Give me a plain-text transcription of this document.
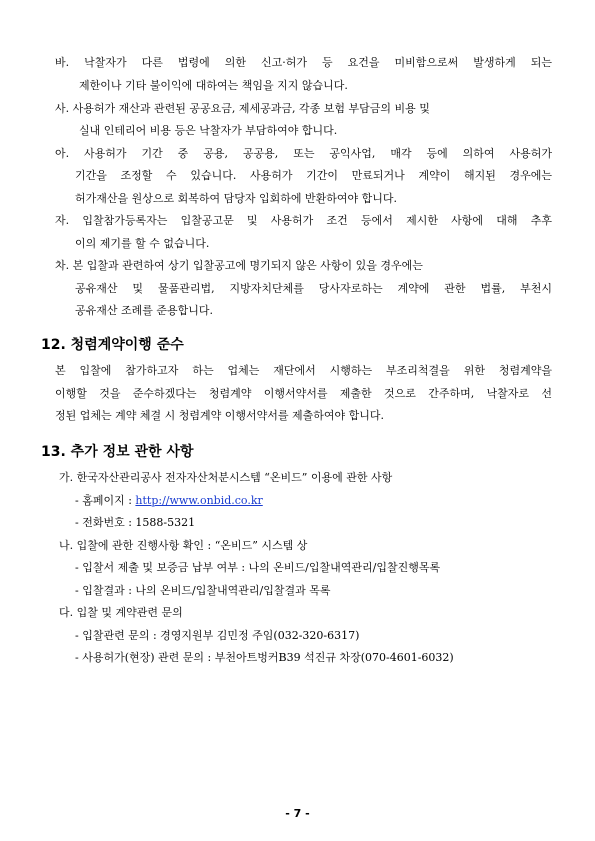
바. 낙찰자가 다른 법령에 의한 신고·허가 등 요건을 미비함으로써 발생하게 되는
제한이나 기타 불이익에 대하여는 책임을 지지 않습니다.
사. 사용허가 재산과 관련된 공공요금, 제세공과금, 각종 보험 부담금의 비용 및
실내 인테리어 비용 등은 낙찰자가 부담하여야 합니다.
아. 사용허가 기간 중 공용, 공공용, 또는 공익사업, 매각 등에 의하여 사용허가
기간을 조정할 수 있습니다. 사용허가 기간이 만료되거나 계약이 해지된 경우에는
허가재산을 원상으로 회복하여 담당자 입회하에 반환하여야 합니다.
자. 입찰참가등록자는 입찰공고문 및 사용허가 조건 등에서 제시한 사항에 대해 추후
이의 제기를 할 수 없습니다.
차. 본 입찰과 관련하여 상기 입찰공고에 명기되지 않은 사항이 있을 경우에는
공유재산 및 물품관리법, 지방자치단체를 당사자로하는 계약에 관한 법률, 부천시
공유재산 조례를 준용합니다.
12. 청렴계약이행 준수
본 입찰에 참가하고자 하는 업체는 재단에서 시행하는 부조리척결을 위한 청렴계약을
이행할 것을 준수하겠다는 청렴계약 이행서약서를 제출한 것으로 간주하며, 낙찰자로 선
정된 업체는 계약 체결 시 청렴계약 이행서약서를 제출하여야 합니다.
13. 추가 정보 관한 사항
가. 한국자산관리공사 전자자산처분시스템 “온비드” 이용에 관한 사항
- 홈페이지 : http://www.onbid.co.kr
- 전화번호 : 1588-5321
나. 입찰에 관한 진행사항 확인 : “온비드” 시스템 상
- 입찰서 제출 및 보증금 납부 여부 : 나의 온비드/입찰내역관리/입찰진행목록
- 입찰결과 : 나의 온비드/입찰내역관리/입찰결과 목록
다. 입찰 및 계약관련 문의
- 입찰관련 문의 : 경영지원부 김민정 주임(032-320-6317)
- 사용허가(현장) 관련 문의 : 부천아트벙커B39 석진규 차장(070-4601-6032)
- 7 -
